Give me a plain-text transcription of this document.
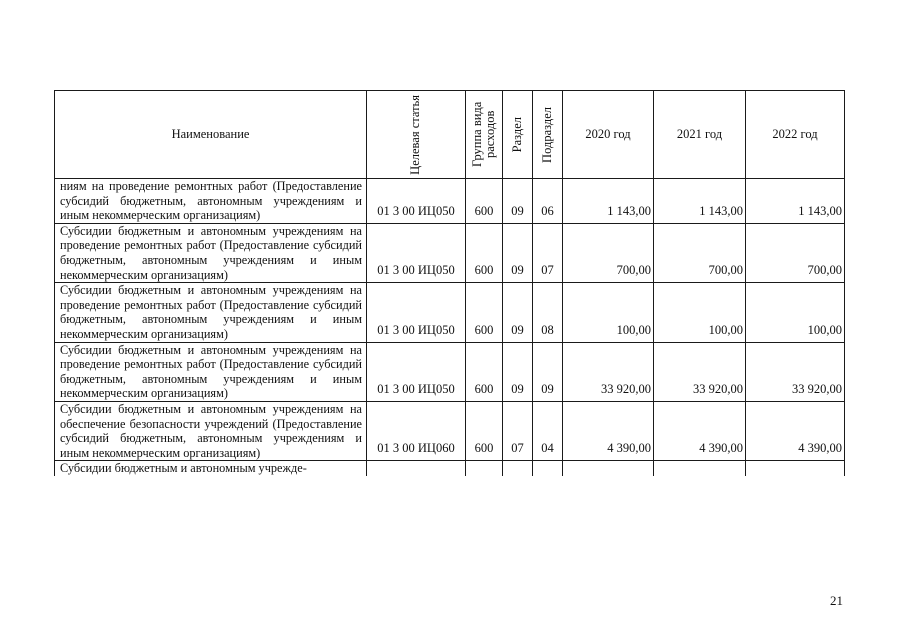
Наименование	Целевая статья	Группа вида расходов	Раздел	Подраздел	2020 год	2021 год	2022 год
ниям на проведение ремонтных работ (Предоставление субсидий бюджетным, автономным учреждениям и иным некоммерческим организациям)	01 3 00 ИЦ050	600	09	06	1 143,00	1 143,00	1 143,00
Субсидии бюджетным и автономным учреждениям на проведение ремонтных работ (Предоставление субсидий бюджетным, автономным учреждениям и иным некоммерческим организациям)	01 3 00 ИЦ050	600	09	07	700,00	700,00	700,00
Субсидии бюджетным и автономным учреждениям на проведение ремонтных работ (Предоставление субсидий бюджетным, автономным учреждениям и иным некоммерческим организациям)	01 3 00 ИЦ050	600	09	08	100,00	100,00	100,00
Субсидии бюджетным и автономным учреждениям на проведение ремонтных работ (Предоставление субсидий бюджетным, автономным учреждениям и иным некоммерческим организациям)	01 3 00 ИЦ050	600	09	09	33 920,00	33 920,00	33 920,00
Субсидии бюджетным и автономным учреждениям на обеспечение безопасности учреждений (Предоставление субсидий бюджетным, автономным учреждениям и иным некоммерческим организациям)	01 3 00 ИЦ060	600	07	04	4 390,00	4 390,00	4 390,00
Субсидии бюджетным и автономным учрежде-							
21
